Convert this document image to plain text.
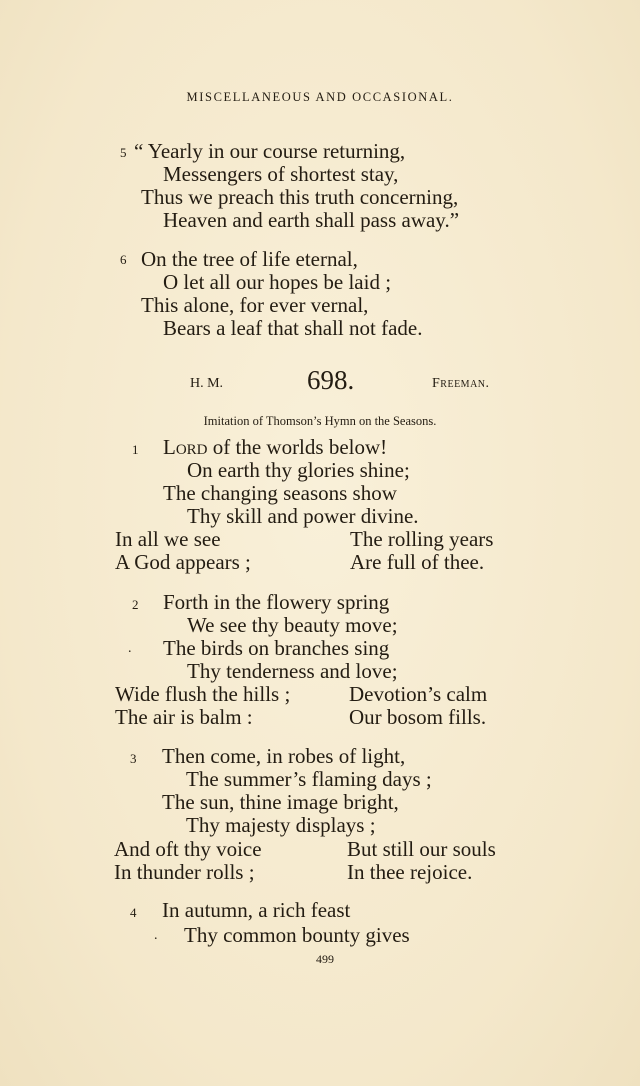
MISCELLANEOUS AND OCCASIONAL.
5 “ Yearly in our course returning,
Messengers of shortest stay,
Thus we preach this truth concerning,
Heaven and earth shall pass away.”
6 On the tree of life eternal,
O let all our hopes be laid ;
This alone, for ever vernal,
Bears a leaf that shall not fade.
H. M.	698.	Freeman.
Imitation of Thomson’s Hymn on the Seasons.
1 Lord of the worlds below!
On earth thy glories shine;
The changing seasons show
Thy skill and power divine.
In all we see	The rolling years
A God appears ;	Are full of thee.
2 Forth in the flowery spring
We see thy beauty move;
. The birds on branches sing
Thy tenderness and love;
Wide flush the hills ;	Devotion’s calm
The air is balm :	Our bosom fills.
3 Then come, in robes of light,
The summer’s flaming days ;
The sun, thine image bright,
Thy majesty displays ;
And oft thy voice	But still our souls
In thunder rolls ;	In thee rejoice.
4 In autumn, a rich feast
. Thy common bounty gives
499
